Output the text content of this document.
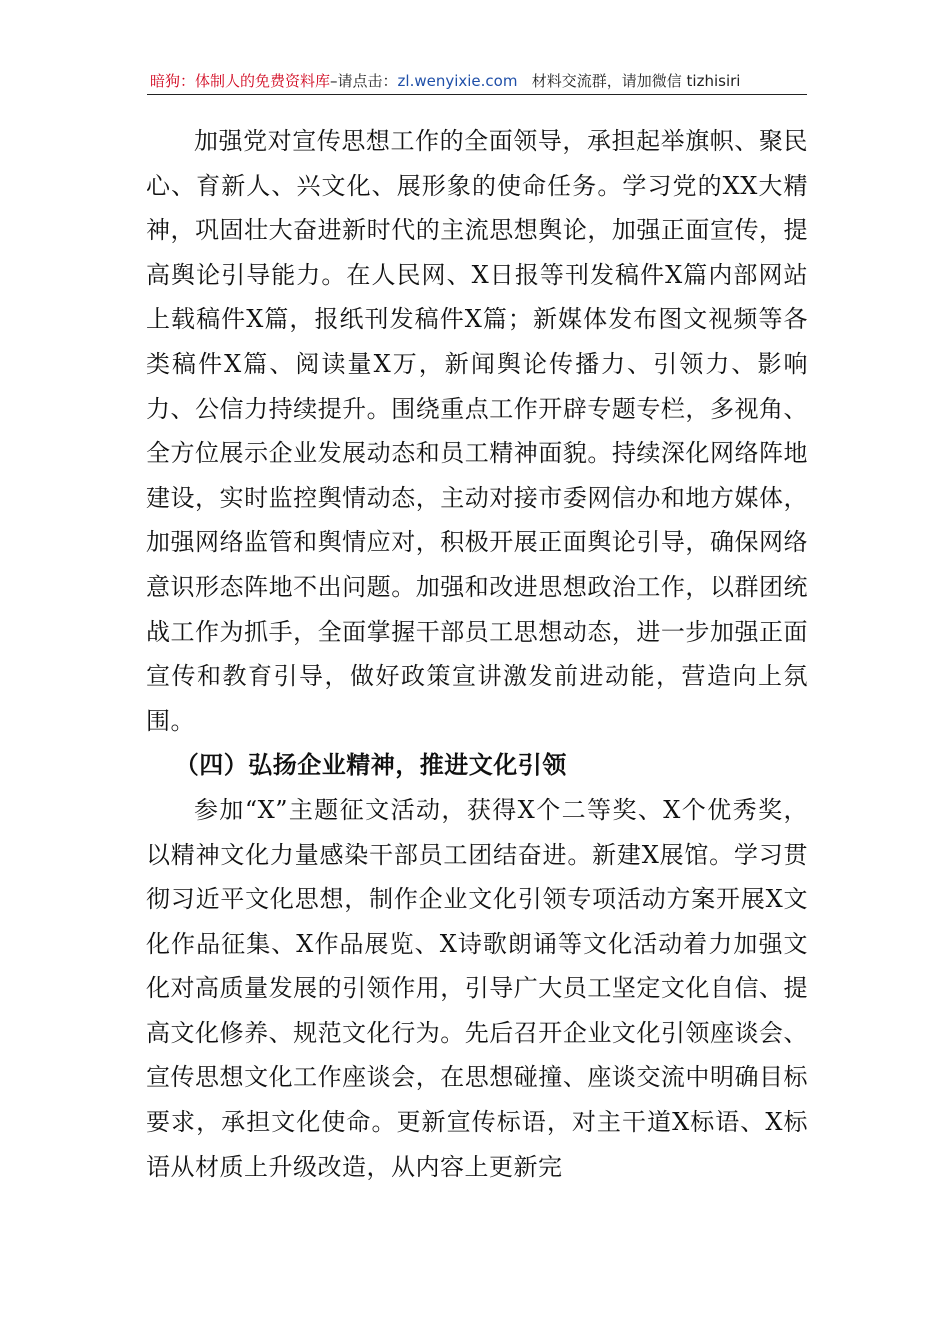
暗狗：体制人的免费资料库–请点击：zl.wenyixie.com 材料交流群，请加微信 tizhisiri

加强党对宣传思想工作的全面领导，承担起举旗帜、聚民心、育新人、兴文化、展形象的使命任务。学习党的XX大精神，巩固壮大奋进新时代的主流思想舆论，加强正面宣传，提高舆论引导能力。在人民网、X日报等刊发稿件X篇内部网站上载稿件X篇，报纸刊发稿件X篇；新媒体发布图文视频等各类稿件X篇、阅读量X万，新闻舆论传播力、引领力、影响力、公信力持续提升。围绕重点工作开辟专题专栏，多视角、全方位展示企业发展动态和员工精神面貌。持续深化网络阵地建设，实时监控舆情动态，主动对接市委网信办和地方媒体，加强网络监管和舆情应对，积极开展正面舆论引导，确保网络意识形态阵地不出问题。加强和改进思想政治工作，以群团统战工作为抓手，全面掌握干部员工思想动态，进一步加强正面宣传和教育引导，做好政策宣讲激发前进动能，营造向上氛围。

（四）弘扬企业精神，推进文化引领

参加“X”主题征文活动，获得X个二等奖、X个优秀奖，以精神文化力量感染干部员工团结奋进。新建X展馆。学习贯彻习近平文化思想，制作企业文化引领专项活动方案开展X文化作品征集、X作品展览、X诗歌朗诵等文化活动着力加强文化对高质量发展的引领作用，引导广大员工坚定文化自信、提高文化修养、规范文化行为。先后召开企业文化引领座谈会、宣传思想文化工作座谈会，在思想碰撞、座谈交流中明确目标要求，承担文化使命。更新宣传标语，对主干道X标语、X标语从材质上升级改造，从内容上更新完
